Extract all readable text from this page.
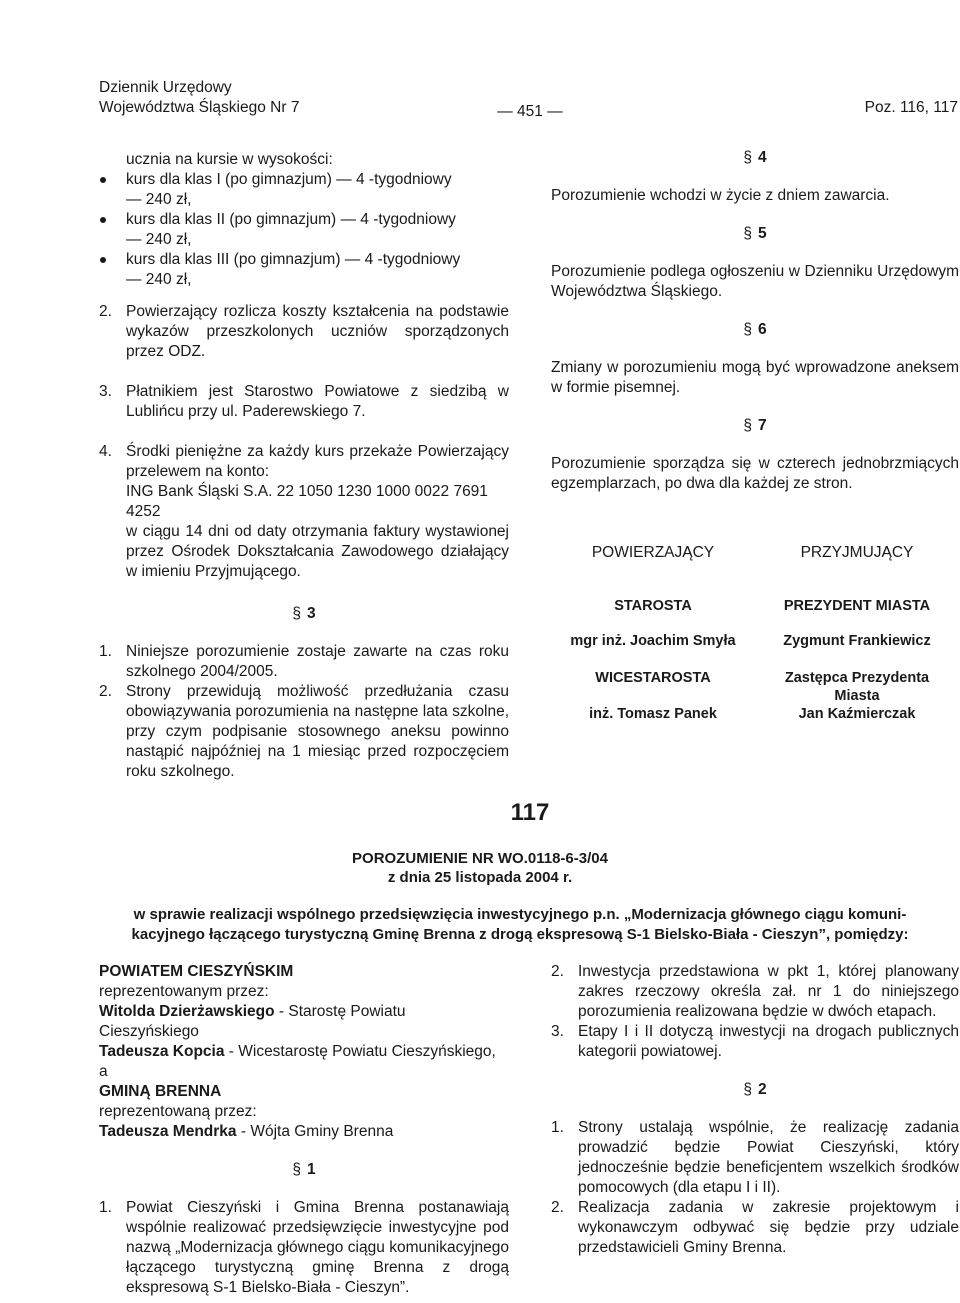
Dziennik Urzędowy
Województwa Śląskiego Nr 7	— 451 —	Poz. 116, 117
ucznia na kursie w wysokości:
kurs dla klas I (po gimnazjum) — 4 -tygodniowy
— 240 zł,
kurs dla klas II (po gimnazjum) — 4 -tygodniowy
— 240 zł,
kurs dla klas III (po gimnazjum) — 4 -tygodniowy
— 240 zł,
2. Powierzający rozlicza koszty kształcenia na podstawie wykazów przeszkolonych uczniów sporządzonych przez ODZ.
3. Płatnikiem jest Starostwo Powiatowe z siedzibą w Lublińcu przy ul. Paderewskiego 7.
4. Środki pieniężne za każdy kurs przekaże Powierzający przelewem na konto:
ING Bank Śląski S.A. 22 1050 1230 1000 0022 7691
4252
w ciągu 14 dni od daty otrzymania faktury wystawionej przez Ośrodek Dokształcania Zawodowego działający w imieniu Przyjmującego.
§ 3
1. Niniejsze porozumienie zostaje zawarte na czas roku szkolnego 2004/2005.
2. Strony przewidują możliwość przedłużania czasu obowiązywania porozumienia na następne lata szkolne, przy czym podpisanie stosownego aneksu powinno nastąpić najpóźniej na 1 miesiąc przed rozpoczęciem roku szkolnego.
§ 4
Porozumienie wchodzi w życie z dniem zawarcia.
§ 5
Porozumienie podlega ogłoszeniu w Dzienniku Urzędowym Województwa Śląskiego.
§ 6
Zmiany w porozumieniu mogą być wprowadzone aneksem w formie pisemnej.
§ 7
Porozumienie sporządza się w czterech jednobrzmiących egzemplarzach, po dwa dla każdej ze stron.
POWIERZAJĄCY	PRZYJMUJĄCY
STAROSTA	PREZYDENT MIASTA
mgr inż. Joachim Smyła	Zygmunt Frankiewicz
WICESTAROSTA	Zastępca Prezydenta
Miasta
inż. Tomasz Panek	Jan Kaźmierczak
117
POROZUMIENIE NR WO.0118-6-3/04
z dnia 25 listopada 2004 r.
w sprawie realizacji wspólnego przedsięwzięcia inwestycyjnego p.n. „Modernizacja głównego ciągu komuni-
kacyjnego łączącego turystyczną Gminę Brenna z drogą ekspresową S-1 Bielsko-Biała - Cieszyn”, pomiędzy:
POWIATEM CIESZYŃSKIM
reprezentowanym przez:
Witolda Dzierżawskiego - Starostę Powiatu Cieszyńskiego
Tadeusza Kopcia - Wicestarostę Powiatu Cieszyńskiego,
a
GMINĄ BRENNA
reprezentowaną przez:
Tadeusza Mendrka - Wójta Gminy Brenna
§ 1
1. Powiat Cieszyński i Gmina Brenna postanawiają wspólnie realizować przedsięwzięcie inwestycyjne pod nazwą „Modernizacja głównego ciągu komunikacyjnego łączącego turystyczną gminę Brenna z drogą ekspresową S-1 Bielsko-Biała - Cieszyn”.
2. Inwestycja przedstawiona w pkt 1, której planowany zakres rzeczowy określa zał. nr 1 do niniejszego porozumienia realizowana będzie w dwóch etapach.
3. Etapy I i II dotyczą inwestycji na drogach publicznych kategorii powiatowej.
§ 2
1. Strony ustalają wspólnie, że realizację zadania prowadzić będzie Powiat Cieszyński, który jednocześnie będzie beneficjentem wszelkich środków pomocowych (dla etapu I i II).
2. Realizacja zadania w zakresie projektowym i wykonawczym odbywać się będzie przy udziale przedstawicieli Gminy Brenna.
